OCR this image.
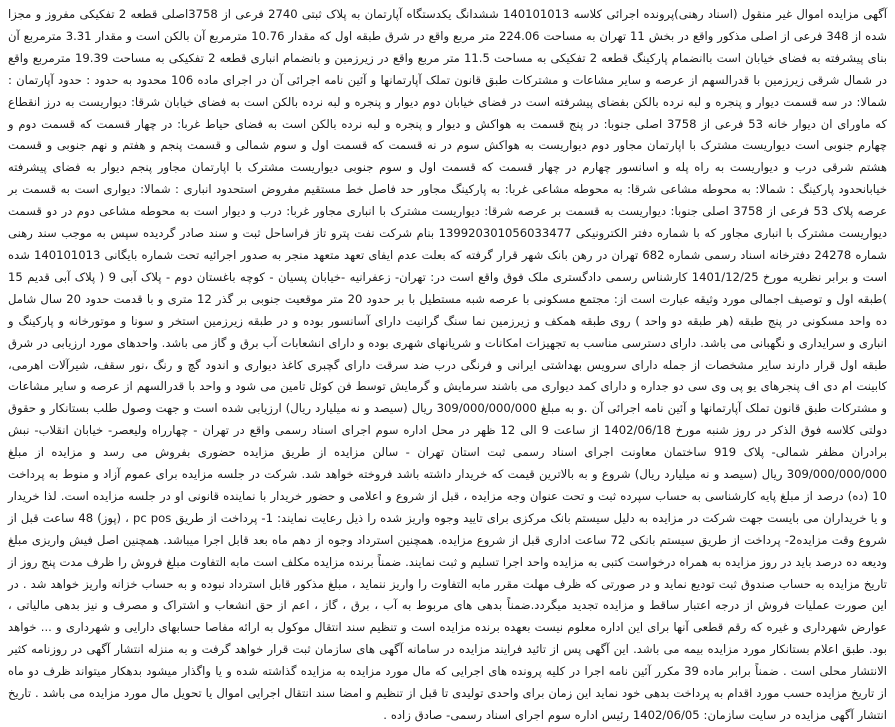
آگهی مزایده اموال غیر منقول (اسناد رهنی)پرونده اجرائی کلاسه 140101013 ششدانگ یکدستگاه آپارتمان به پلاک ثبتی 2740 فرعی از 3758اصلی قطعه 2 تفکیکی مفروز و مجزا شده از 348 فرعی از اصلی مذکور واقع در بخش 11 تهران به مساحت 224.06 متر مربع واقع در شرق طبقه اول که مقدار 10.76 مترمربع آن بالکن است و مقدار 3.31 مترمربع آن بنای پیشرفته به فضای خیابان است باانضمام پارکینگ قطعه 2 تفکیکی به مساحت 11.5 متر مربع واقع در زیرزمین و بانضمام انباری قطعه 2 تفکیکی به مساحت 19.39 مترمربع واقع در شمال شرقی زیرزمین با قدرالسهم از عرصه و سایر مشاعات و مشترکات طبق قانون تملک آپارتمانها و آئین نامه اجرائی آن در اجرای ماده 106 محدود به حدود : حدود آپارتمان : شمالا: در سه قسمت دیوار و پنجره و لبه نرده بالکن بفضای پیشرفته است در فضای خیابان دوم دیوار و پنجره و لبه نرده بالکن است به فضای خیابان شرقا: دیواریست به درز انقطاع که ماورای ان دیوار خانه 53 فرعی از 3758 اصلی جنوبا: در پنج قسمت به هواکش و دیوار و پنجره و لبه نرده بالکن است به فضای حیاط غربا: در چهار قسمت که قسمت دوم و چهارم جنوبی است دیواریست مشترک با اپارتمان مجاور دوم دیواریست به هواکش سوم در نه قسمت که قسمت اول و سوم شمالی و قسمت پنجم و هفتم و نهم جنوبی و قسمت هشتم شرقی درب و دیواریست به راه پله و اسانسور چهارم در چهار قسمت که قسمت اول و سوم جنوبی دیواریست مشترک با اپارتمان مجاور پنجم دیوار به فضای پیشرفته خیابانحدود پارکینگ : شمالا: به محوطه مشاعی شرقا: به محوطه مشاعی غربا: به پارکینگ مجاور حد فاصل خط مستقیم مفروض استحدود انباری : شمالا: دیواری است به قسمت بر عرصه پلاک 53 فرعی از 3758 اصلی جنوبا: دیواریست به قسمت بر عرصه شرقا: دیواریست مشترک با انباری مجاور غربا: درب و دیوار است به محوطه مشاعی دوم در دو قسمت دیواریست مشترک با انباری مجاور که با شماره دفتر الکترونیکی 139920301056033477 بنام شرکت نفت پترو تاز فراساحل ثبت و سند صادر گردیده سپس به موجب سند رهنی شماره 24278 دفترخانه اسناد رسمی شماره 682 تهران در رهن بانک شهر قرار گرفته که بعلت عدم ایفای تعهد متعهد منجر به صدور اجرائیه تحت شماره بایگانی 140101013 شده است و برابر نظریه مورخ 1401/12/25 کارشناس رسمی دادگستری ملک فوق واقع است در: تهران- زعفرانیه -خیابان پسیان - کوچه باغستان دوم - پلاک آبی 9 ( پلاک آبی قدیم 15 )طبقه اول و توصیف اجمالی مورد وثیقه عبارت است از: مجتمع مسکونی با عرصه شبه مستطیل با بر حدود 20 متر موقعیت جنوبی بر گذر 12 متری و با قدمت حدود 20 سال شامل ده واحد مسکونی در پنج طبقه (هر طبقه دو واحد ) روی طبقه همکف و زیرزمین نما سنگ گرانیت دارای آسانسور بوده و در طبقه زیرزمین استخر و سونا و موتورخانه و پارکینگ و انباری و سرایداری و نگهبانی می باشد. دارای دسترسی مناسب به تجهیزات امکانات و شریانهای شهری بوده و دارای انشعابات آب برق و گاز می باشد. واحدهای مورد ارزیابی در شرق طبقه اول قرار دارند سایر مشخصات از جمله دارای سرویس بهداشتی ایرانی و فرنگی درب ضد سرقت دارای گچبری کاغذ دیواری و اندود گچ و رنگ ،نور سقف، شیرآلات اهرمی، کابینت ام دی اف پنجرهای یو پی وی سی دو جداره و دارای کمد دیواری می باشند سرمایش و گرمایش توسط فن کوئل تامین می شود و واحد با قدرالسهم از عرصه و سایر مشاعات و مشترکات طبق قانون تملک آپارتمانها و آئین نامه اجرائی آن .و به مبلغ 309/000/000/000 ریال (سیصد و نه میلیارد ریال) ارزیابی شده است و جهت وصول طلب بستانکار و حقوق دولتی کلاسه فوق الذکر در روز شنبه مورخ 1402/06/18 از ساعت 9 الی 12 ظهر در محل اداره سوم اجرای اسناد رسمی واقع در تهران - چهارراه ولیعصر- خیابان انقلاب- نبش برادران مظفر شمالی- پلاک 919 ساختمان معاونت اجرای اسناد رسمی ثبت استان تهران - سالن مزایده از طریق مزایده حضوری بفروش می رسد و مزایده از مبلغ 309/000/000/000 ریال (سیصد و نه میلیارد ریال) شروع و به بالاترین قیمت که خریدار داشته باشد فروخته خواهد شد. شرکت در جلسه مزایده برای عموم آزاد و منوط به پرداخت 10 (ده) درصد از مبلغ پایه کارشناسی به حساب سپرده ثبت و تحت عنوان وجه مزایده ، قبل از شروع و اعلامی و حضور خریدار با نماینده قانونی او در جلسه مزایده است. لذا خریدار و یا خریداران می بایست جهت شرکت در مزایده به دلیل سیستم بانک مرکزی برای تایید وجوه واریز شده را ذیل رعایت نمایند: 1- پرداخت از طریق pc pos ، (پوز) 48 ساعت قبل از شروع وقت مزایده2- پرداخت از طریق سیستم بانکی 72 ساعت اداری قبل از شروع مزایده. همچنین استرداد وجوه از دهم ماه بعد قابل اجرا میباشد. همچنین اصل فیش واریزی مبلغ ودیعه ده درصد باید در روز مزایده به همراه درخواست کتبی به مزایده واحد اجرا تسلیم و ثبت نمایند. ضمناً برنده مزایده مکلف است مابه التفاوت مبلغ فروش را ظرف مدت پنج روز از تاریخ مزایده به حساب صندوق ثبت تودیع نماید و در صورتی که ظرف مهلت مقرر مابه التفاوت را واریز ننماید ، مبلغ مذکور قابل استرداد نبوده و به حساب خزانه واریز خواهد شد . در این صورت عملیات فروش از درجه اعتبار ساقط و مزایده تجدید میگردد.ضمناً بدهی های مربوط به آب ، برق ، گاز ، اعم از حق انشعاب و اشتراک و مصرف و نیز بدهی مالیاتی ، عوارض شهرداری و غیره که رقم قطعی آنها برای این اداره معلوم نیست بعهده برنده مزایده است و تنظیم سند انتقال موکول به ارائه مفاصا حسابهای دارایی و شهرداری و ... خواهد بود. طبق اعلام بستانکار مورد مزایده بیمه می باشد. این آگهی پس از تائید فرایند مزایده در سامانه آگهی های سازمان ثبت قرار خواهد گرفت و به منزله انتشار آگهی در روزنامه کثیر الانتشار محلی است . ضمناً برابر ماده 39 مکرر آئین نامه اجرا در کلیه پرونده های اجرایی که مال مورد مزایده به مزایده گذاشته شده و یا واگذار میشود بدهکار میتواند ظرف دو ماه از تاریخ مزایده حسب مورد اقدام به پرداخت بدهی خود نماید این زمان برای واحدی تولیدی تا قبل از تنظیم و امضا سند انتقال اجرایی اموال یا تحویل مال مورد مزایده می باشد . تاریخ انتشار آگهی مزایده در سایت سازمان: 1402/06/05 رئیس اداره سوم اجرای اسناد رسمی- صادق زاده .
